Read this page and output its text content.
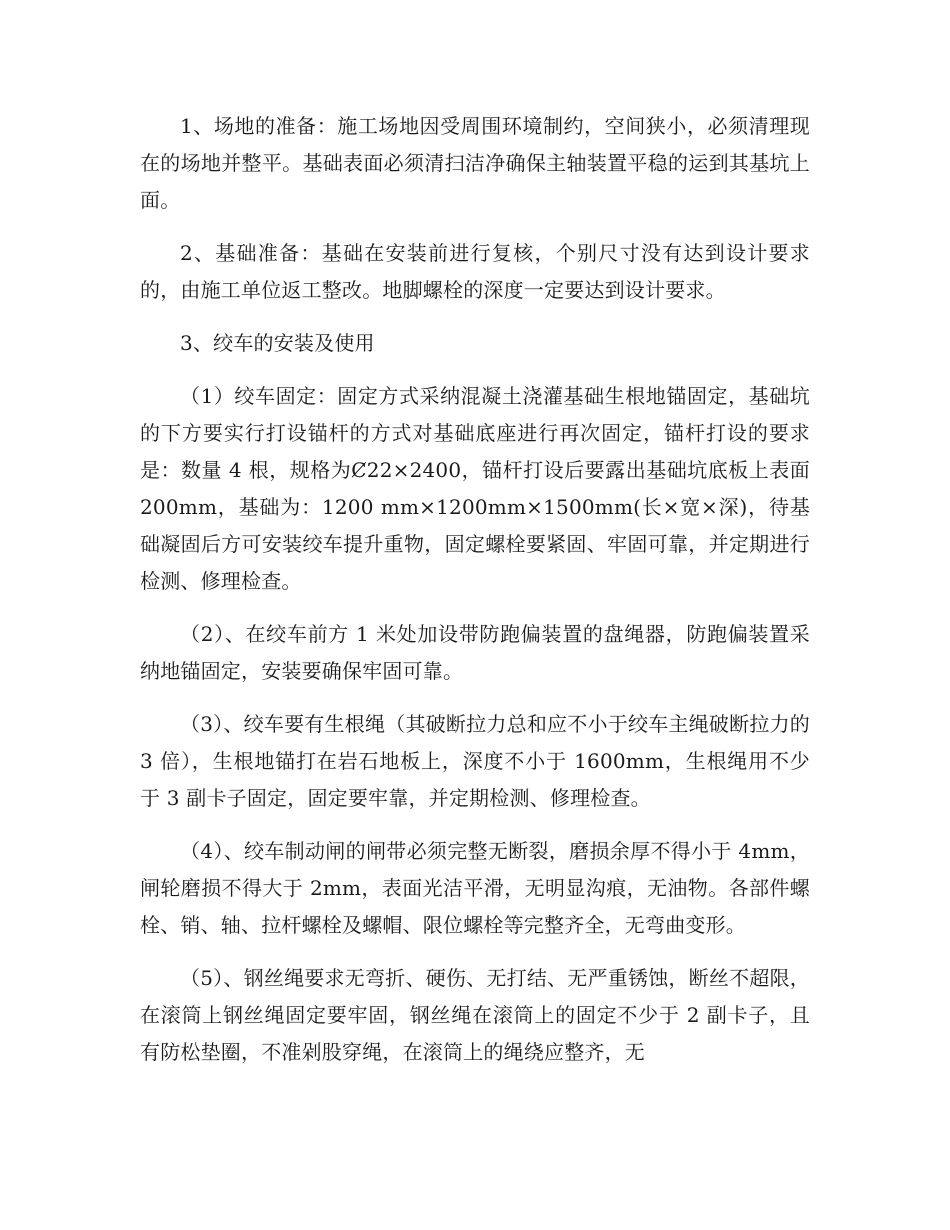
1、场地的准备：施工场地因受周围环境制约，空间狭小，必须清理现在的场地并整平。基础表面必须清扫洁净确保主轴装置平稳的运到其基坑上面。

2、基础准备：基础在安装前进行复核，个别尺寸没有达到设计要求的，由施工单位返工整改。地脚螺栓的深度一定要达到设计要求。

3、绞车的安装及使用

（1）绞车固定：固定方式采纳混凝土浇灌基础生根地锚固定，基础坑的下方要实行打设锚杆的方式对基础底座进行再次固定，锚杆打设的要求是：数量 4 根，规格为Ȼ22×2400，锚杆打设后要露出基础坑底板上表面 200mm，基础为：1200 mm×1200mm×1500mm(长×宽×深)，待基础凝固后方可安装绞车提升重物，固定螺栓要紧固、牢固可靠，并定期进行检测、修理检查。

（2）、在绞车前方 1 米处加设带防跑偏装置的盘绳器，防跑偏装置采纳地锚固定，安装要确保牢固可靠。

（3）、绞车要有生根绳（其破断拉力总和应不小于绞车主绳破断拉力的 3 倍），生根地锚打在岩石地板上，深度不小于 1600mm，生根绳用不少于 3 副卡子固定，固定要牢靠，并定期检测、修理检查。

（4）、绞车制动闸的闸带必须完整无断裂，磨损余厚不得小于 4mm，闸轮磨损不得大于 2mm，表面光洁平滑，无明显沟痕，无油物。各部件螺栓、销、轴、拉杆螺栓及螺帽、限位螺栓等完整齐全，无弯曲变形。

（5）、钢丝绳要求无弯折、硬伤、无打结、无严重锈蚀，断丝不超限，在滚筒上钢丝绳固定要牢固，钢丝绳在滚筒上的固定不少于 2 副卡子，且有防松垫圈，不准剁股穿绳，在滚筒上的绳绕应整齐，无
